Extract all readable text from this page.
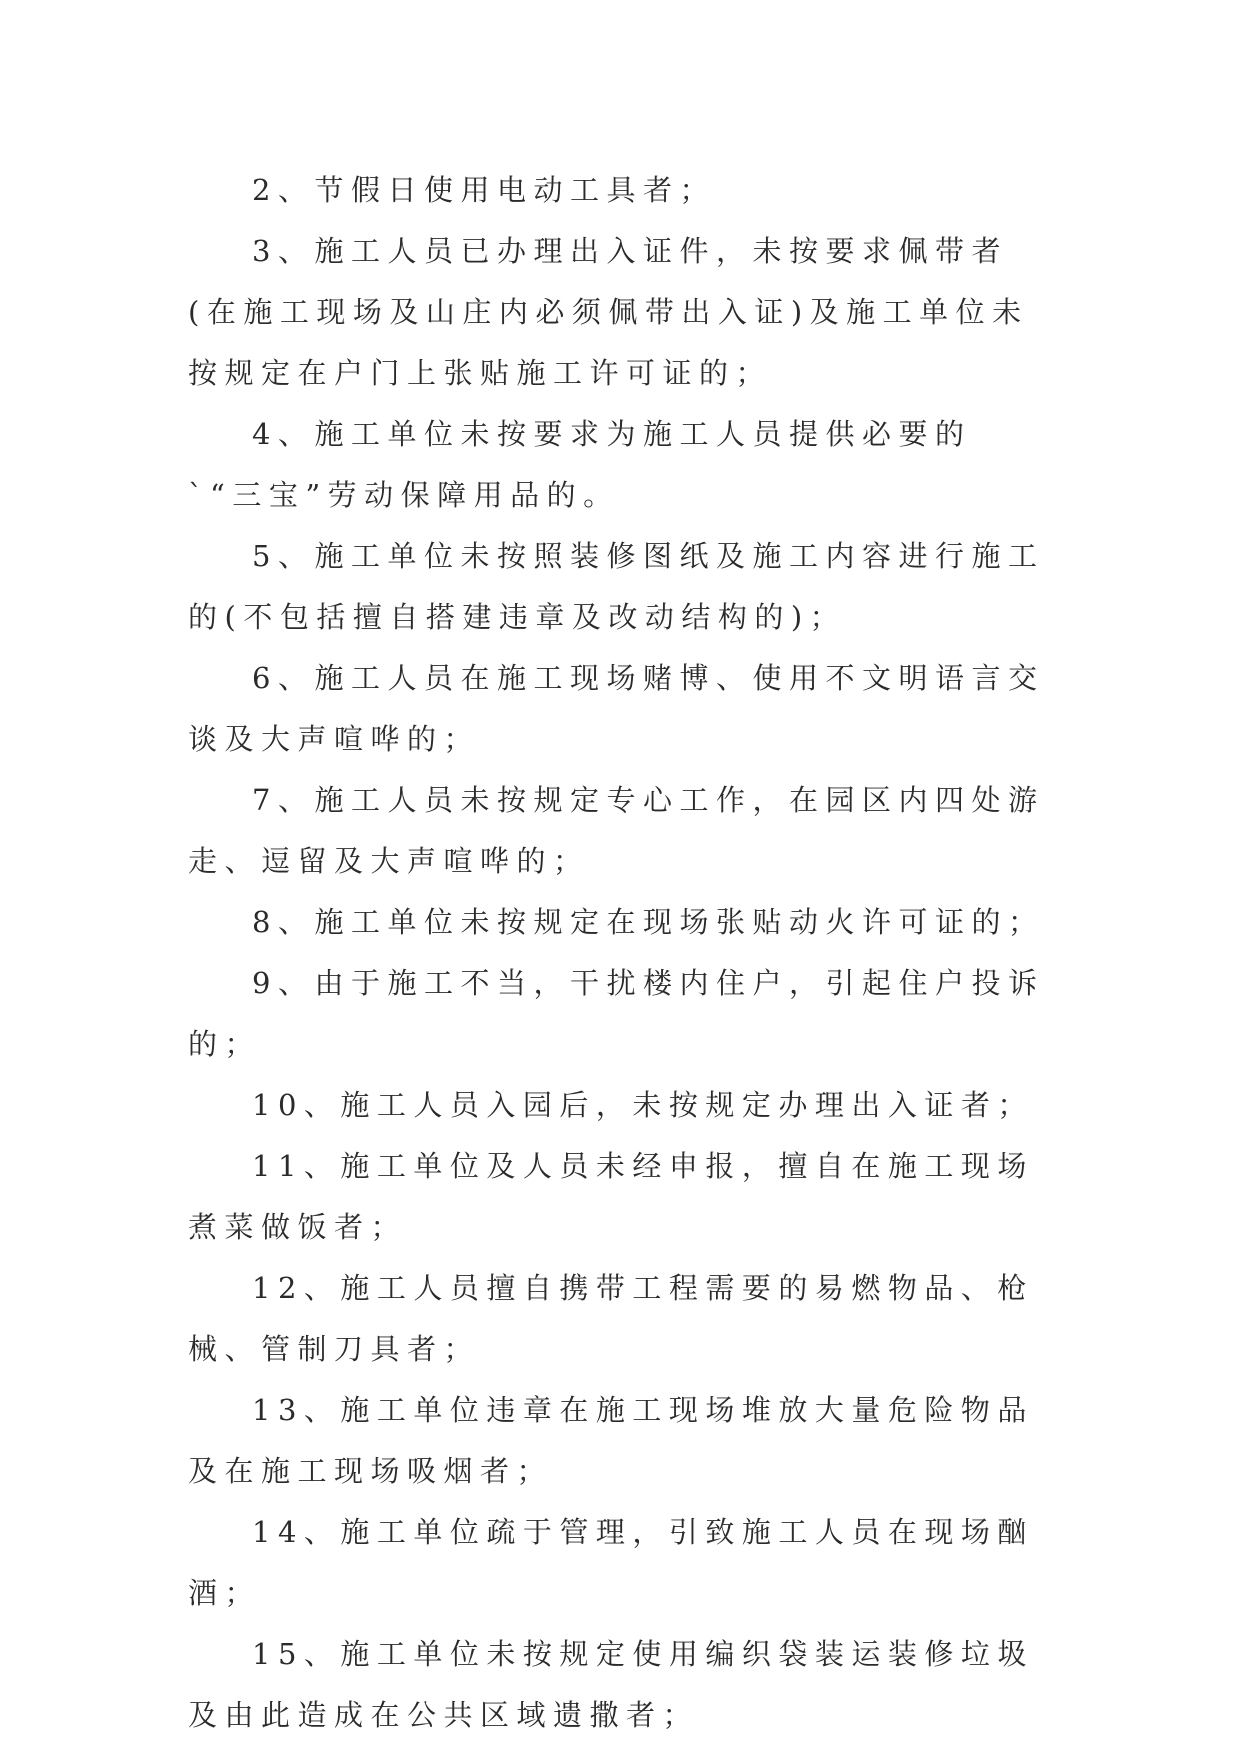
2、节假日使用电动工具者；

3、施工人员已办理出入证件，未按要求佩带者(在施工现场及山庄内必须佩带出入证)及施工单位未按规定在户门上张贴施工许可证的；

4、施工单位未按要求为施工人员提供必要的`“三宝”劳动保障用品的。

5、施工单位未按照装修图纸及施工内容进行施工的(不包括擅自搭建违章及改动结构的)；

6、施工人员在施工现场赌博、使用不文明语言交谈及大声喧哗的；

7、施工人员未按规定专心工作，在园区内四处游走、逗留及大声喧哗的；

8、施工单位未按规定在现场张贴动火许可证的；

9、由于施工不当，干扰楼内住户，引起住户投诉的；

10、施工人员入园后，未按规定办理出入证者；

11、施工单位及人员未经申报，擅自在施工现场煮菜做饭者；

12、施工人员擅自携带工程需要的易燃物品、枪械、管制刀具者；

13、施工单位违章在施工现场堆放大量危险物品及在施工现场吸烟者；

14、施工单位疏于管理，引致施工人员在现场酗酒；

15、施工单位未按规定使用编织袋装运装修垃圾及由此造成在公共区域遗撒者；
